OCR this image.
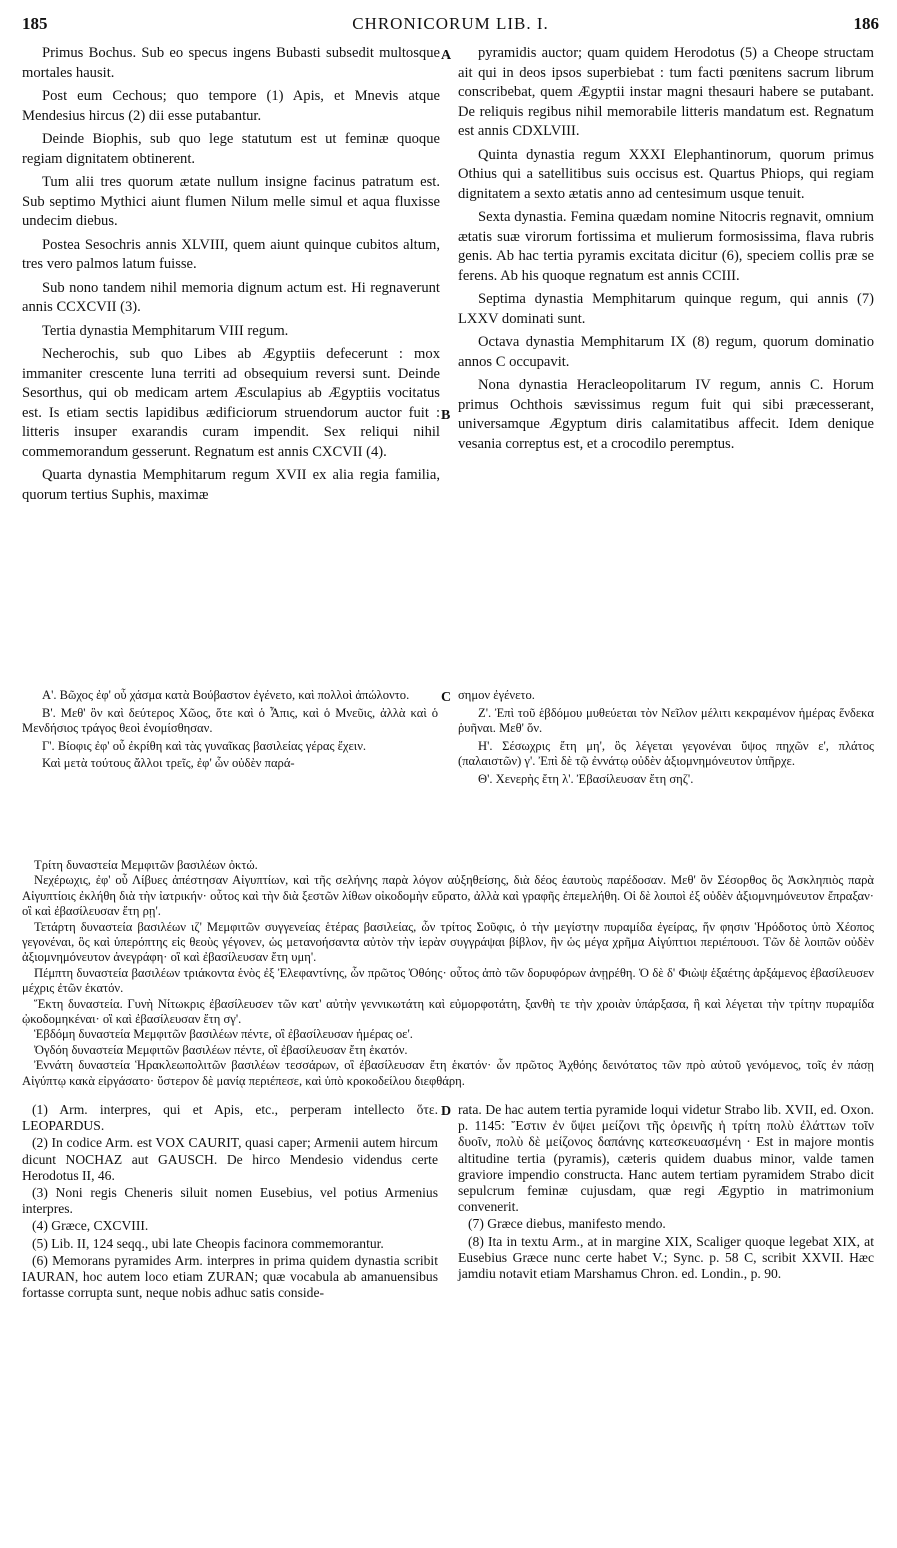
185	CHRONICORUM LIB. I.	186

Primus Bochus. Sub eo specus ingens Bubasti subsedit multosque mortales hausit.

Post eum Cechous; quo tempore (1) Apis, et Mnevis atque Mendesius hircus (2) dii esse putabantur.

Deinde Biophis, sub quo lege statutum est ut feminæ quoque regiam dignitatem obtinerent.

Tum alii tres quorum ætate nullum insigne facinus patratum est. Sub septimo Mythici aiunt flumen Nilum melle simul et aqua fluxisse undecim diebus.

Postea Sesochris annis XLVIII, quem aiunt quinque cubitos altum, tres vero palmos latum fuisse.

Sub nono tandem nihil memoria dignum actum est. Hi regnaverunt annis CCXCVII (3).

Tertia dynastia Memphitarum VIII regum.

Necherochis, sub quo Libes ab Ægyptiis defecerunt : mox immaniter crescente luna territi ad obsequium reversi sunt. Deinde Sesorthus, qui ob medicam artem Æsculapius ab Ægyptiis vocitatus est. Is etiam sectis lapidibus ædificiorum struendorum auctor fuit : litteris insuper exarandis curam impendit. Sex reliqui nihil commemorandum gesserunt. Regnatum est annis CXCVII (4).

Quarta dynastia Memphitarum regum XVII ex alia regia familia, quorum tertius Suphis, maximæ

pyramidis auctor; quam quidem Herodotus (5) a Cheope structam ait qui in deos ipsos superbiebat : tum facti pœnitens sacrum librum conscribebat, quem Ægyptii instar magni thesauri habere se putabant. De reliquis regibus nihil memorabile litteris mandatum est. Regnatum est annis CDXLVIII.

Quinta dynastia regum XXXI Elephantinorum, quorum primus Othius qui a satellitibus suis occisus est. Quartus Phiops, qui regiam dignitatem a sexto ætatis anno ad centesimum usque tenuit.

Sexta dynastia. Femina quædam nomine Nitocris regnavit, omnium ætatis suæ virorum fortissima et mulierum formosissima, flava rubris genis. Ab hac tertia pyramis excitata dicitur (6), speciem collis præ se ferens. Ab his quoque regnatum est annis CCIII.

Septima dynastia Memphitarum quinque regum, qui annis (7) LXXV dominati sunt.

Octava dynastia Memphitarum IX (8) regum, quorum dominatio annos C occupavit.

Nona dynastia Heracleopolitarum IV regum, annis C. Horum primus Ochthois sævissimus regum fuit qui sibi præcesserant, universamque Ægyptum diris calamitatibus affecit. Idem denique vesania correptus est, et a crocodilo peremptus.

A
B
C
D

Α'. Βῶχος ἐφ' οὗ χάσμα κατὰ Βούβαστον ἐγένετο, καὶ πολλοὶ ἀπώλοντο.

Β'. Μεθ' ὃν καὶ δεύτερος Χῶος, ὅτε καὶ ὁ Ἆπις, καὶ ὁ Μνεῦις, ἀλλὰ καὶ ὁ Μενδήσιος τράγος θεοὶ ἐνομίσθησαν.

Γ'. Βίοφις ἐφ' οὗ ἐκρίθη καὶ τὰς γυναῖκας βασιλείας γέρας ἔχειν.

Καὶ μετὰ τούτους ἄλλοι τρεῖς, ἐφ' ὧν οὐδὲν παρά-

σημον ἐγένετο.

Ζ'. Ἐπὶ τοῦ ἑβδόμου μυθεύεται τὸν Νεῖλον μέλιτι κεκραμένον ἡμέρας ἕνδεκα ῥυῆναι. Μεθ' ὅν.

Η'. Σέσωχρις ἔτη μη', ὃς λέγεται γεγονέναι ὕψος πηχῶν ε', πλάτος (παλαιστῶν) γ'. Ἐπὶ δὲ τῷ ἐννάτῳ οὐδὲν ἀξιομνημόνευτον ὑπῆρχε.

Θ'. Χενερὴς ἔτη λ'. Ἐβασίλευσαν ἔτη σηζ'.

Τρίτη δυναστεία Μεμφιτῶν βασιλέων ὀκτώ.

Νεχέρωχις, ἐφ' οὗ Λίβυες ἀπέστησαν Αἰγυπτίων, καὶ τῆς σελήνης παρὰ λόγον αὐξηθείσης, διὰ δέος ἑαυτοὺς παρέδοσαν. Μεθ' ὃν Σέσορθος ὃς Ἀσκληπιὸς παρὰ Αἰγυπτίοις ἐκλήθη διὰ τὴν ἰατρικήν· οὗτος καὶ τὴν διὰ ξεστῶν λίθων οἰκοδομὴν εὕρατο, ἀλλὰ καὶ γραφῆς ἐπεμελήθη. Οἱ δὲ λοιποὶ ἐξ οὐδὲν ἀξιομνημόνευτον ἔπραξαν· οἳ καὶ ἐβασίλευσαν ἔτη ρῃ'.

Τετάρτη δυναστεία βασιλέων ιζ' Μεμφιτῶν συγγενείας ἑτέρας βασιλείας, ὧν τρίτος Σοῦφις, ὁ τὴν μεγίστην πυραμίδα ἐγείρας, ἥν φησιν Ἡρόδοτος ὑπὸ Χέοπος γεγονέναι, ὃς καὶ ὑπερόπτης εἰς θεοὺς γέγονεν, ὡς μετανοήσαντα αὐτὸν τὴν ἱερὰν συγγράψαι βίβλον, ἣν ὡς μέγα χρῆμα Αἰγύπτιοι περιέπουσι. Τῶν δὲ λοιπῶν οὐδὲν ἀξιομνημόνευτον ἀνεγράφη· οἳ καὶ ἐβασίλευσαν ἔτη υμη'.

Πέμπτη δυναστεία βασιλέων τριάκοντα ἑνὸς ἐξ Ἐλεφαντίνης, ὧν πρῶτος Ὀθόης· οὗτος ἀπὸ τῶν δορυφόρων ἀνῃρέθη. Ὁ δὲ δ' Φιὼψ ἑξαέτης ἀρξάμενος ἐβασίλευσεν μέχρις ἐτῶν ἑκατόν.

Ἕκτη δυναστεία. Γυνὴ Νίτωκρις ἐβασίλευσεν τῶν κατ' αὐτὴν γεννικωτάτη καὶ εὐμορφοτάτη, ξανθὴ τε τὴν χροιὰν ὑπάρξασα, ἣ καὶ λέγεται τὴν τρίτην πυραμίδα ᾠκοδομηκέναι· οἳ καὶ ἐβασίλευσαν ἔτη σγ'.

Ἑβδόμη δυναστεία Μεμφιτῶν βασιλέων πέντε, οἳ ἐβασίλευσαν ἡμέρας οε'.

Ὀγδόη δυναστεία Μεμφιτῶν βασιλέων πέντε, οἳ ἐβασίλευσαν ἔτη ἑκατόν.

Ἐννάτη δυναστεία Ἡρακλεωπολιτῶν βασιλέων τεσσάρων, οἳ ἐβασίλευσαν ἔτη ἑκατόν· ὧν πρῶτος Ἀχθόης δεινότατος τῶν πρὸ αὐτοῦ γενόμενος, τοῖς ἐν πάσῃ Αἰγύπτῳ κακὰ εἰργάσατο· ὕστερον δὲ μανίᾳ περιέπεσε, καὶ ὑπὸ κροκοδείλου διεφθάρη.

(1) Arm. interpres, qui et Apis, etc., perperam intellecto ὅτε. LEOPARDUS.

(2) In codice Arm. est VOX CAURIT, quasi caper; Armenii autem hircum dicunt NOCHAZ aut GAUSCH. De hirco Mendesio videndus certe Herodotus II, 46.

(3) Noni regis Cheneris siluit nomen Eusebius, vel potius Armenius interpres.

(4) Græce, CXCVIII.

(5) Lib. II, 124 seqq., ubi late Cheopis facinora commemorantur.

(6) Memorans pyramides Arm. interpres in prima quidem dynastia scribit IAURAN, hoc autem loco etiam ZURAN; quæ vocabula ab amanuensibus fortasse corrupta sunt, neque nobis adhuc satis conside-

rata. De hac autem tertia pyramide loqui videtur Strabo lib. XVII, ed. Oxon. p. 1145: Ἔστιν ἐν ὕψει μείζονι τῆς ὀρεινῆς ἡ τρίτη πολὺ ἐλάττων τοῖν δυοῖν, πολὺ δὲ μείζονος δαπάνης κατεσκευασμένη · Est in majore montis altitudine tertia (pyramis), cæteris quidem duabus minor, valde tamen graviore impendio constructa. Hanc autem tertiam pyramidem Strabo dicit sepulcrum feminæ cujusdam, quæ regi Ægyptio in matrimonium convenerit.

(7) Græce diebus, manifesto mendo.

(8) Ita in textu Arm., at in margine XIX, Scaliger quoque legebat XIX, at Eusebius Græce nunc certe habet V.; Sync. p. 58 C, scribit XXVII. Hæc jamdiu notavit etiam Marshamus Chron. ed. Londin., p. 90.
